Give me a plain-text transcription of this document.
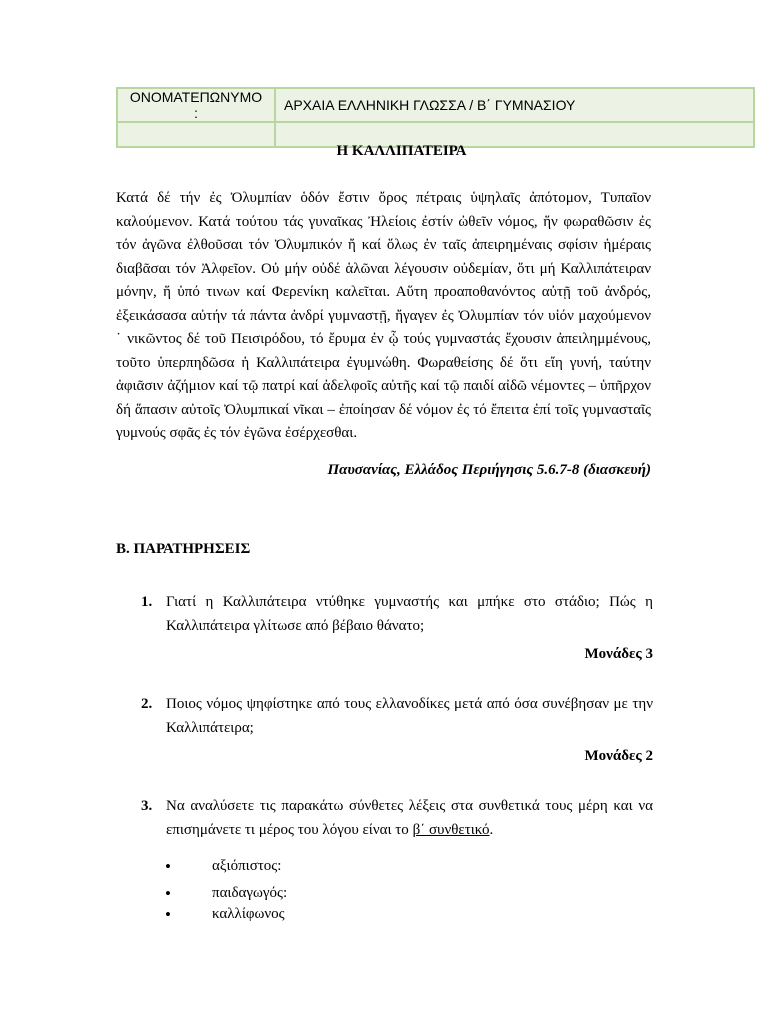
ΟΝΟΜΑΤΕΠΩΝΥΜΟ :	ΑΡΧΑΙΑ ΕΛΛΗΝΙΚΗ ΓΛΩΣΣΑ / Β΄ ΓΥΜΝΑΣΙΟΥ

Η ΚΑΛΛΙΠΑΤΕΙΡΑ
Κατά δέ τήν ἐς Ὀλυμπίαν ὁδόν ἔστιν ὄρος πέτραις ὑψηλαῖς ἀπότομον, Τυπαῖον καλούμενον. Κατά τούτου τάς γυναῖκας Ἠλείοις ἐστίν ὠθεῖν νόμος, ἥν φωραθῶσιν ἐς τόν ἀγῶνα ἐλθοῦσαι τόν Ὀλυμπικόν ἤ καί ὅλως ἐν ταῖς ἀπειρημέναις σφίσιν ἡμέραις διαβᾶσαι τόν Ἀλφεῖον. Οὐ μήν οὐδέ ἁλῶναι λέγουσιν οὐδεμίαν, ὅτι μή Καλλιπάτειραν μόνην, ἥ ὑπό τινων καί Φερενίκη καλεῖται. Αὕτη προαποθανόντος αὐτῇ τοῦ ἀνδρός, ἐξεικάσασα αὐτήν τά πάντα ἀνδρί γυμναστῇ, ἤγαγεν ἐς Ὀλυμπίαν τόν υἱόν μαχούμενον ˙ νικῶντος δέ τοῦ Πεισιρόδου, τό ἔρυμα ἐν ᾧ τούς γυμναστάς ἔχουσιν ἀπειλημμένους, τοῦτο ὑπερπηδῶσα ἡ Καλλιπάτειρα ἐγυμνώθη. Φωραθείσης δέ ὅτι εἴη γυνή, ταύτην ἀφιᾶσιν ἀζήμιον καί τῷ πατρί καί ἀδελφοῖς αὐτῆς καί τῷ παιδί αἰδῶ νέμοντες – ὑπῆρχον δή ἅπασιν αὐτοῖς Ὀλυμπικαί νῖκαι – ἐποίησαν δέ νόμον ἐς τό ἔπειτα ἐπί τοῖς γυμνασταῖς γυμνούς σφᾶς ἐς τόν ἐγῶνα ἐσέρχεσθαι.
Παυσανίας, Ελλάδος Περιήγησις 5.6.7-8 (διασκευή)
Β. ΠΑΡΑΤΗΡΗΣΕΙΣ
1. Γιατί η Καλλιπάτειρα ντύθηκε γυμναστής και μπήκε στο στάδιο; Πώς η Καλλιπάτειρα γλίτωσε από βέβαιο θάνατο;
Μονάδες 3
2. Ποιος νόμος ψηφίστηκε από τους ελλανοδίκες μετά από όσα συνέβησαν με την Καλλιπάτειρα;
Μονάδες 2
3. Να αναλύσετε τις παρακάτω σύνθετες λέξεις στα συνθετικά τους μέρη και να επισημάνετε τι μέρος του λόγου είναι το β΄ συνθετικό.
• αξιόπιστος:
• παιδαγωγός:
• καλλίφωνος
